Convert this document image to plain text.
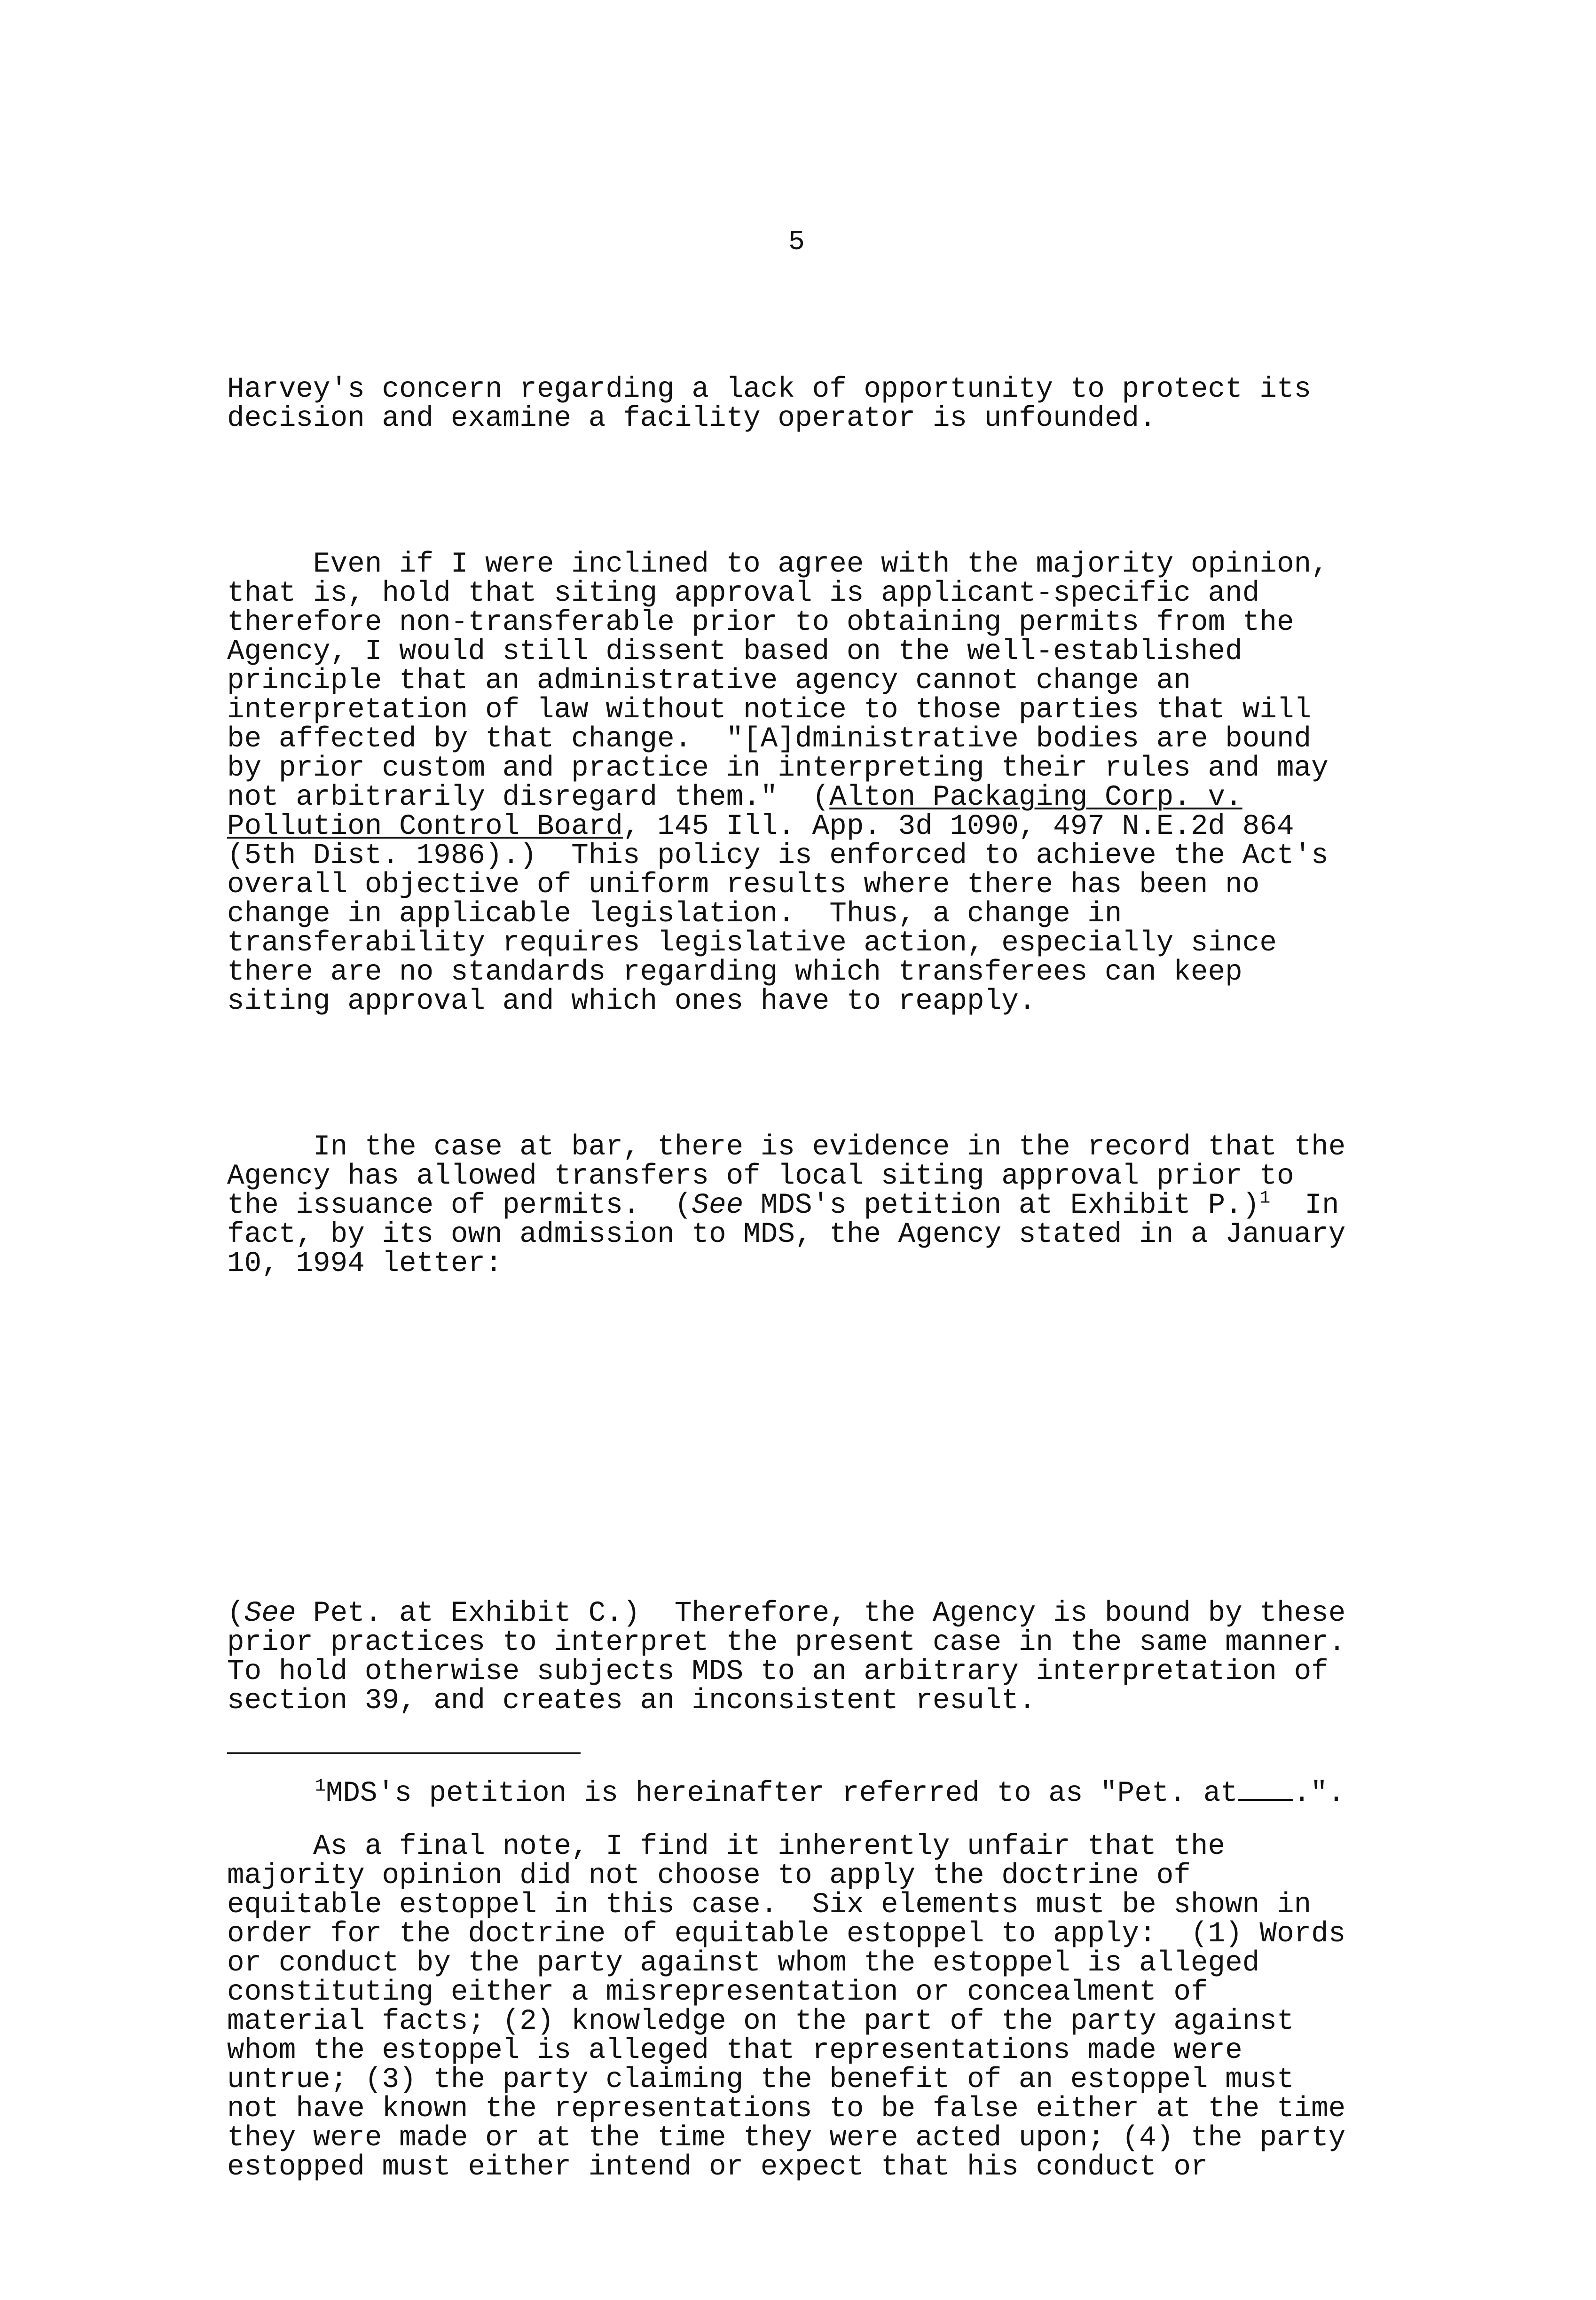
5

Harvey's concern regarding a lack of opportunity to protect its
decision and examine a facility operator is unfounded.

Even if I were inclined to agree with the majority opinion,
that is, hold that siting approval is applicant-specific and
therefore non-transferable prior to obtaining permits from the
Agency, I would still dissent based on the well-established
principle that an administrative agency cannot change an
interpretation of law without notice to those parties that will
be affected by that change.  "[A]dministrative bodies are bound
by prior custom and practice in interpreting their rules and may
not arbitrarily disregard them."  (Alton Packaging Corp. v.
Pollution Control Board, 145 Ill. App. 3d 1090, 497 N.E.2d 864
(5th Dist. 1986).)  This policy is enforced to achieve the Act's
overall objective of uniform results where there has been no
change in applicable legislation.  Thus, a change in
transferability requires legislative action, especially since
there are no standards regarding which transferees can keep
siting approval and which ones have to reapply.

In the case at bar, there is evidence in the record that the
Agency has allowed transfers of local siting approval prior to
the issuance of permits.  (See MDS's petition at Exhibit P.)$^1$  In
fact, by its own admission to MDS, the Agency stated in a January
10, 1994 letter:

(See Pet. at Exhibit C.)  Therefore, the Agency is bound by these
prior practices to interpret the present case in the same manner.
To hold otherwise subjects MDS to an arbitrary interpretation of
section 39, and creates an inconsistent result.

As a final note, I find it inherently unfair that the
majority opinion did not choose to apply the doctrine of
equitable estoppel in this case.  Six elements must be shown in
order for the doctrine of equitable estoppel to apply:  (1) Words
or conduct by the party against whom the estoppel is alleged
constituting either a misrepresentation or concealment of
material facts; (2) knowledge on the part of the party against
whom the estoppel is alleged that representations made were
untrue; (3) the party claiming the benefit of an estoppel must
not have known the representations to be false either at the time
they were made or at the time they were acted upon; (4) the party
estopped must either intend or expect that his conduct or

$^1$MDS's petition is hereinafter referred to as "Pet. at .".
